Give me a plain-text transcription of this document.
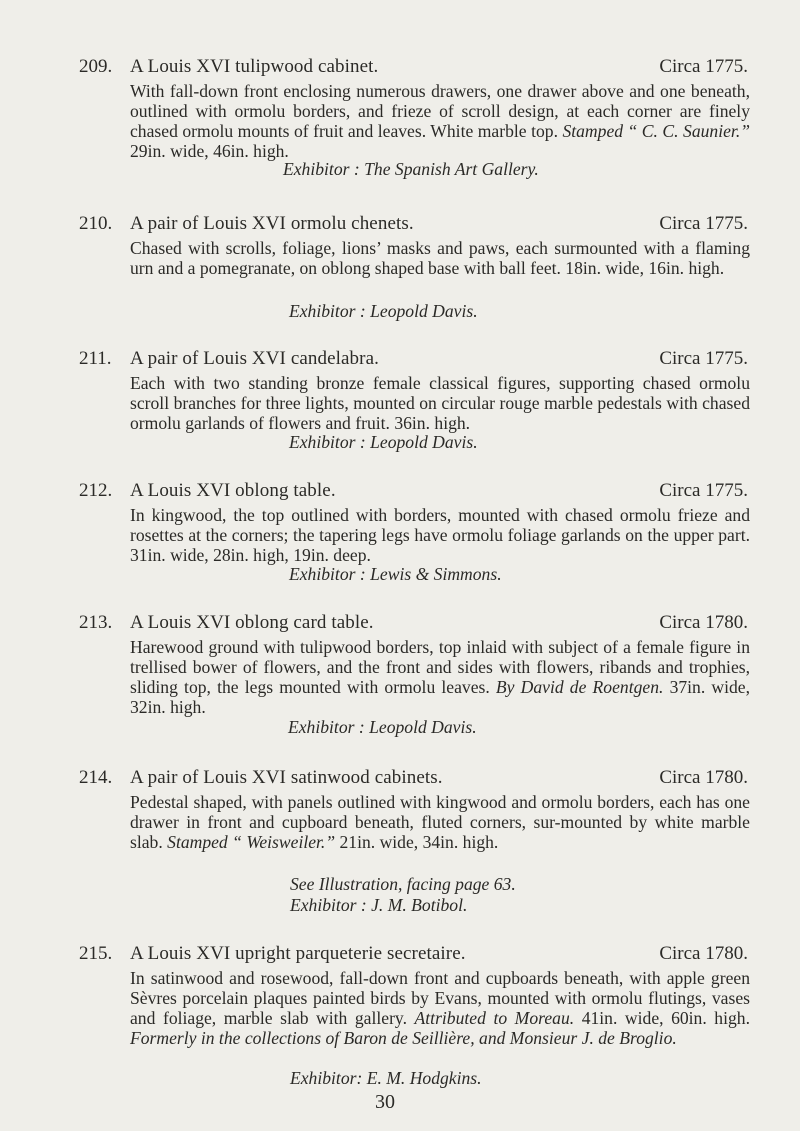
209. A Louis XVI tulipwood cabinet.	Circa 1775.
With fall-down front enclosing numerous drawers, one drawer above and one beneath, outlined with ormolu borders, and frieze of scroll design, at each corner are finely chased ormolu mounts of fruit and leaves. White marble top. Stamped “ C. C. Saunier.” 29in. wide, 46in. high.
Exhibitor : The Spanish Art Gallery.
210. A pair of Louis XVI ormolu chenets.	Circa 1775.
Chased with scrolls, foliage, lions’ masks and paws, each surmounted with a flaming urn and a pomegranate, on oblong shaped base with ball feet. 18in. wide, 16in. high.
Exhibitor : Leopold Davis.
211. A pair of Louis XVI candelabra.	Circa 1775.
Each with two standing bronze female classical figures, supporting chased ormolu scroll branches for three lights, mounted on circular rouge marble pedestals with chased ormolu garlands of flowers and fruit. 36in. high.
Exhibitor : Leopold Davis.
212. A Louis XVI oblong table.	Circa 1775.
In kingwood, the top outlined with borders, mounted with chased ormolu frieze and rosettes at the corners; the tapering legs have ormolu foliage garlands on the upper part. 31in. wide, 28in. high, 19in. deep.
Exhibitor : Lewis & Simmons.
213. A Louis XVI oblong card table.	Circa 1780.
Harewood ground with tulipwood borders, top inlaid with subject of a female figure in trellised bower of flowers, and the front and sides with flowers, ribands and trophies, sliding top, the legs mounted with ormolu leaves. By David de Roentgen. 37in. wide, 32in. high.
Exhibitor : Leopold Davis.
214. A pair of Louis XVI satinwood cabinets.	Circa 1780.
Pedestal shaped, with panels outlined with kingwood and ormolu borders, each has one drawer in front and cupboard beneath, fluted corners, sur-mounted by white marble slab. Stamped “ Weisweiler.” 21in. wide, 34in. high.
See Illustration, facing page 63.
Exhibitor : J. M. Botibol.
215. A Louis XVI upright parqueterie secretaire.	Circa 1780.
In satinwood and rosewood, fall-down front and cupboards beneath, with apple green Sèvres porcelain plaques painted birds by Evans, mounted with ormolu flutings, vases and foliage, marble slab with gallery. Attributed to Moreau. 41in. wide, 60in. high. Formerly in the collections of Baron de Seillière, and Monsieur J. de Broglio.
Exhibitor: E. M. Hodgkins.
30
